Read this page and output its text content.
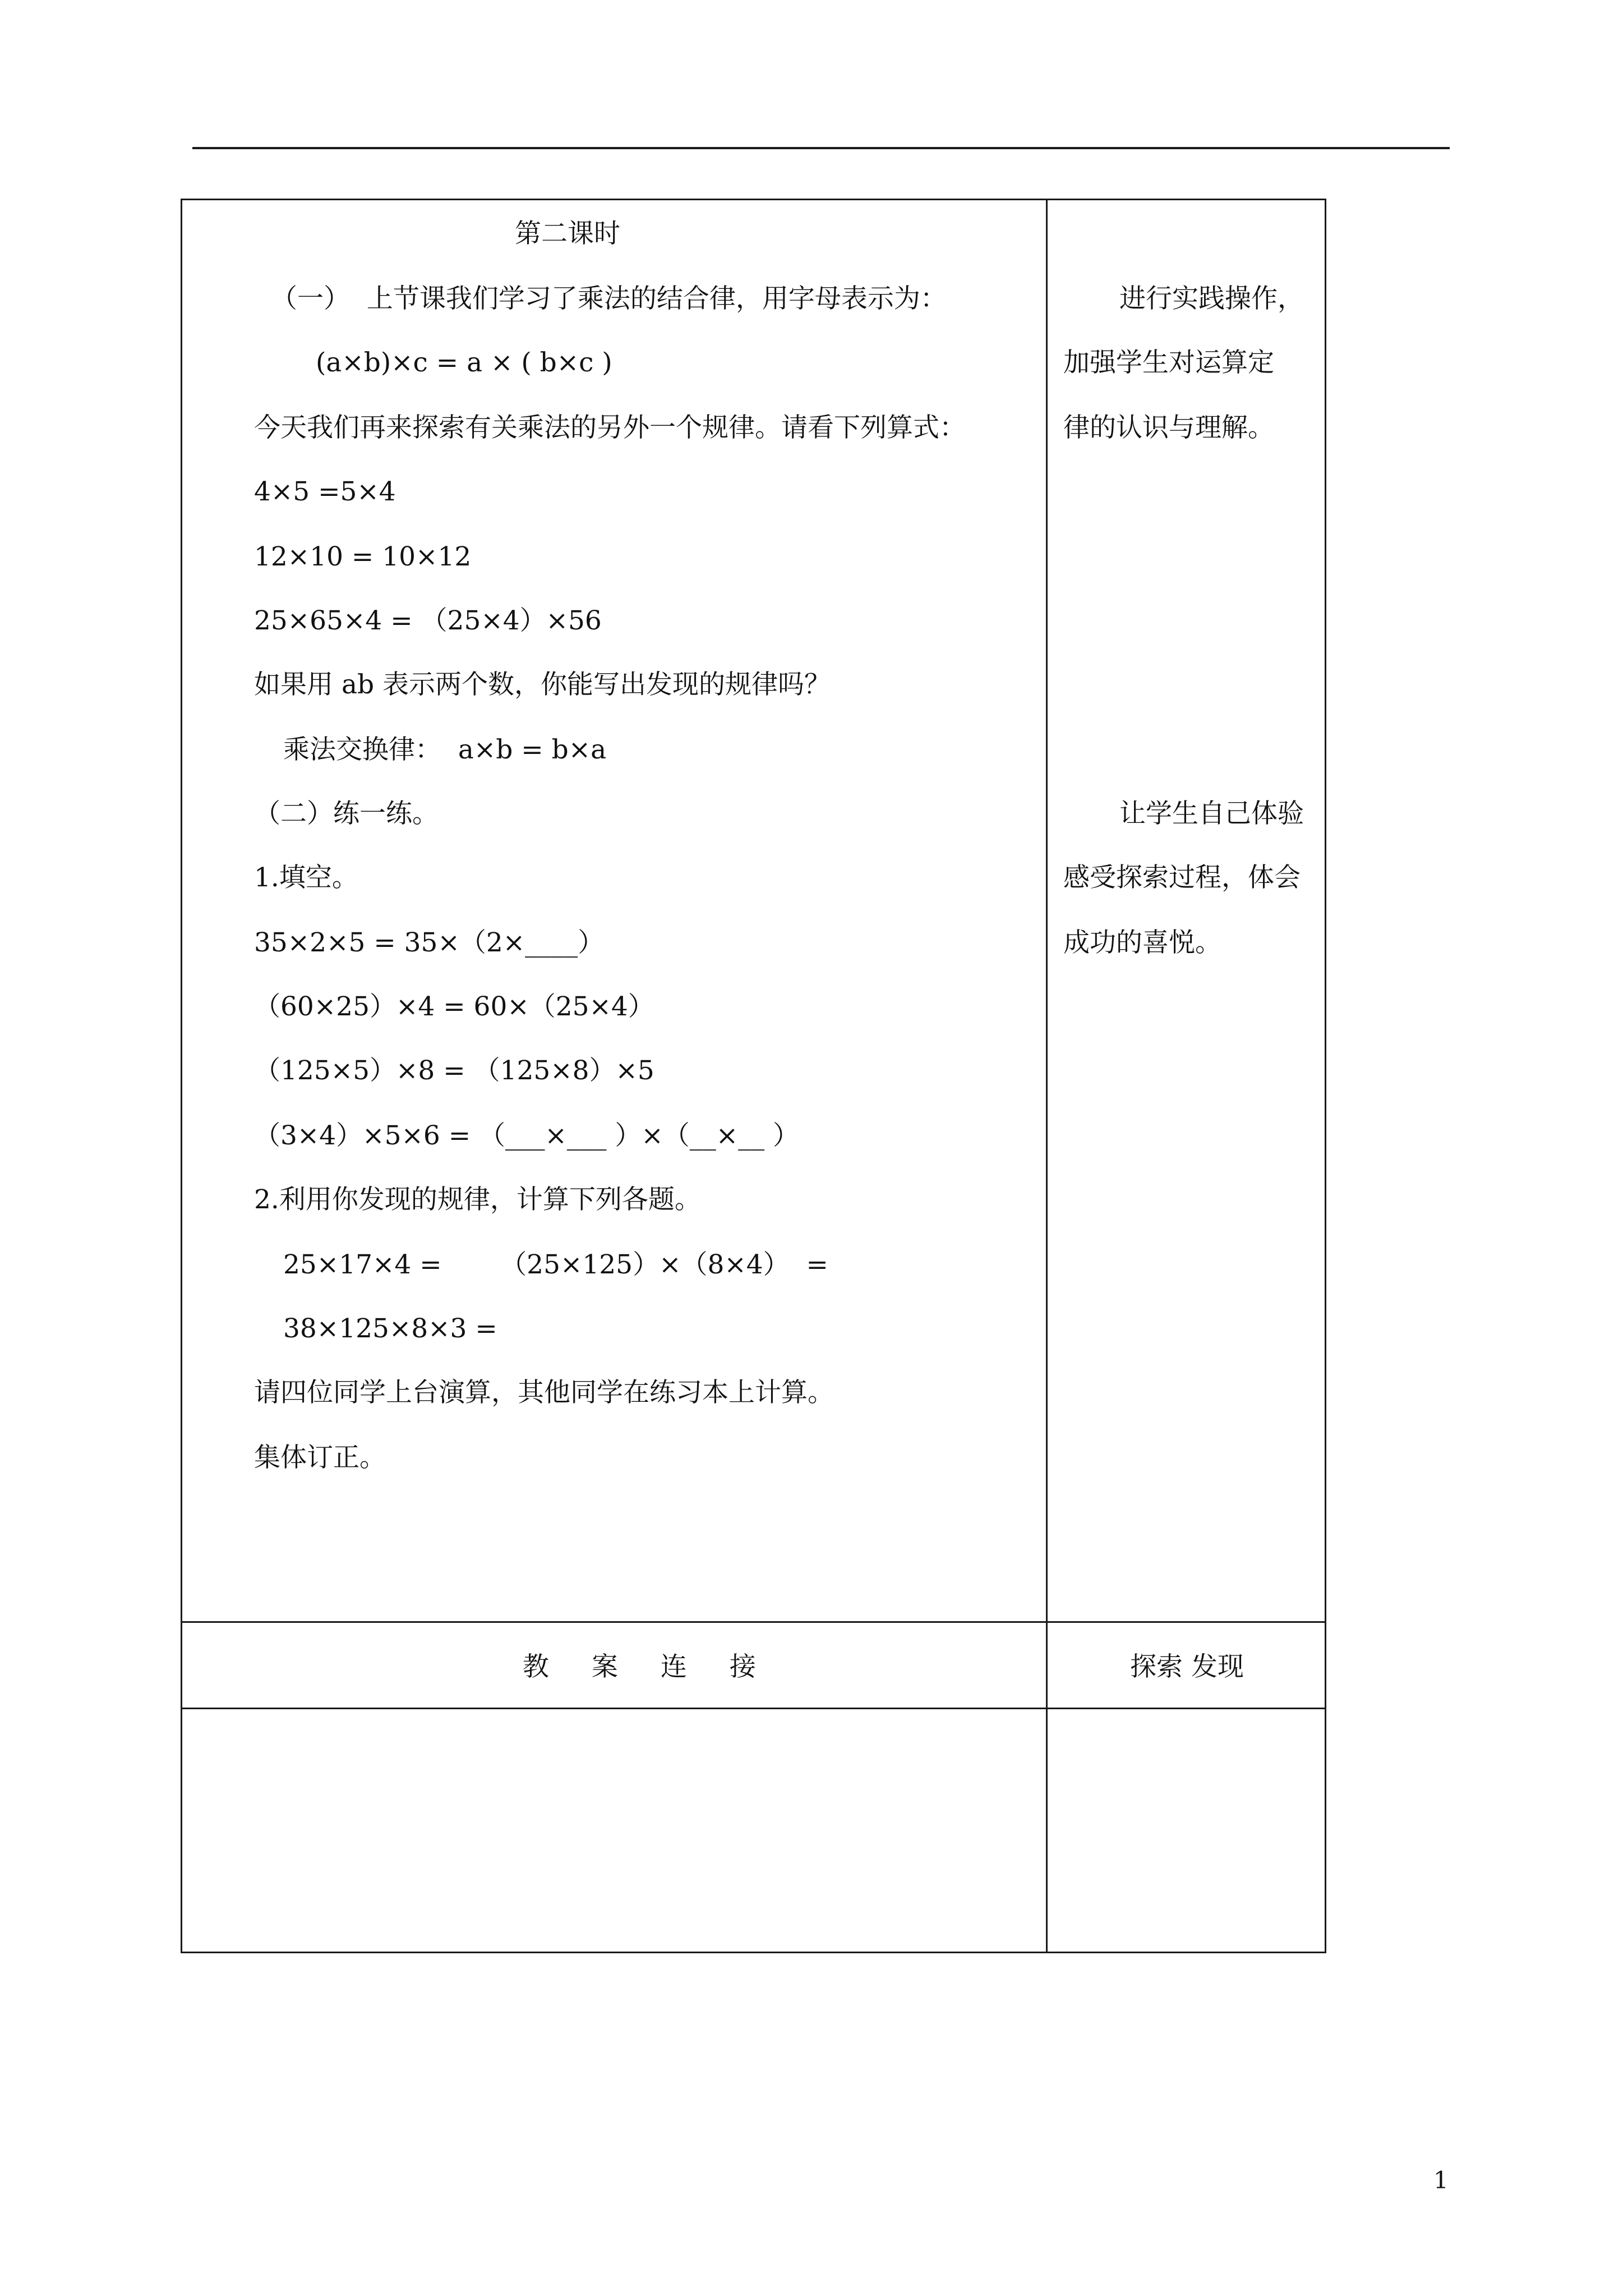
第二课时
（一）  上节课我们学习了乘法的结合律，用字母表示为：
(a×b)×c = a × ( b×c )
今天我们再来探索有关乘法的另外一个规律。请看下列算式：
4×5 =5×4
12×10 = 10×12
25×65×4 = （25×4）×56
如果用 ab 表示两个数，你能写出发现的规律吗？
乘法交换律：  a×b = b×a
（二）练一练。
1.填空。
35×2×5 = 35×（2×____）
（60×25）×4 = 60×（25×4）
（125×5）×8 = （125×8）×5
（3×4）×5×6 = （___×___ ）×（__×__ ）
2.利用你发现的规律，计算下列各题。
25×17×4 =       （25×125）×（8×4）  =
38×125×8×3 =
请四位同学上台演算，其他同学在练习本上计算。
集体订正。
进行实践操作，
加强学生对运算定
律的认识与理解。
让学生自己体验
感受探索过程，体会
成功的喜悦。

教 案 连 接
	探索 发现
1
